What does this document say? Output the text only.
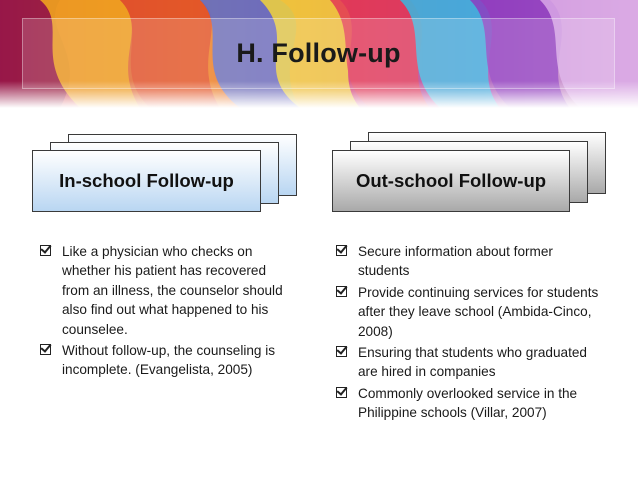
H. Follow-up
In-school Follow-up	Out-school Follow-up
Like a physician who checks on whether his patient has recovered from an illness, the counselor should also find out what happened to his counselee.
Without follow-up, the counseling is incomplete. (Evangelista, 2005)
Secure information about former students
Provide continuing services for students after they leave school (Ambida-Cinco, 2008)
Ensuring that students who graduated are hired in companies
Commonly overlooked service in the Philippine schools (Villar, 2007)
